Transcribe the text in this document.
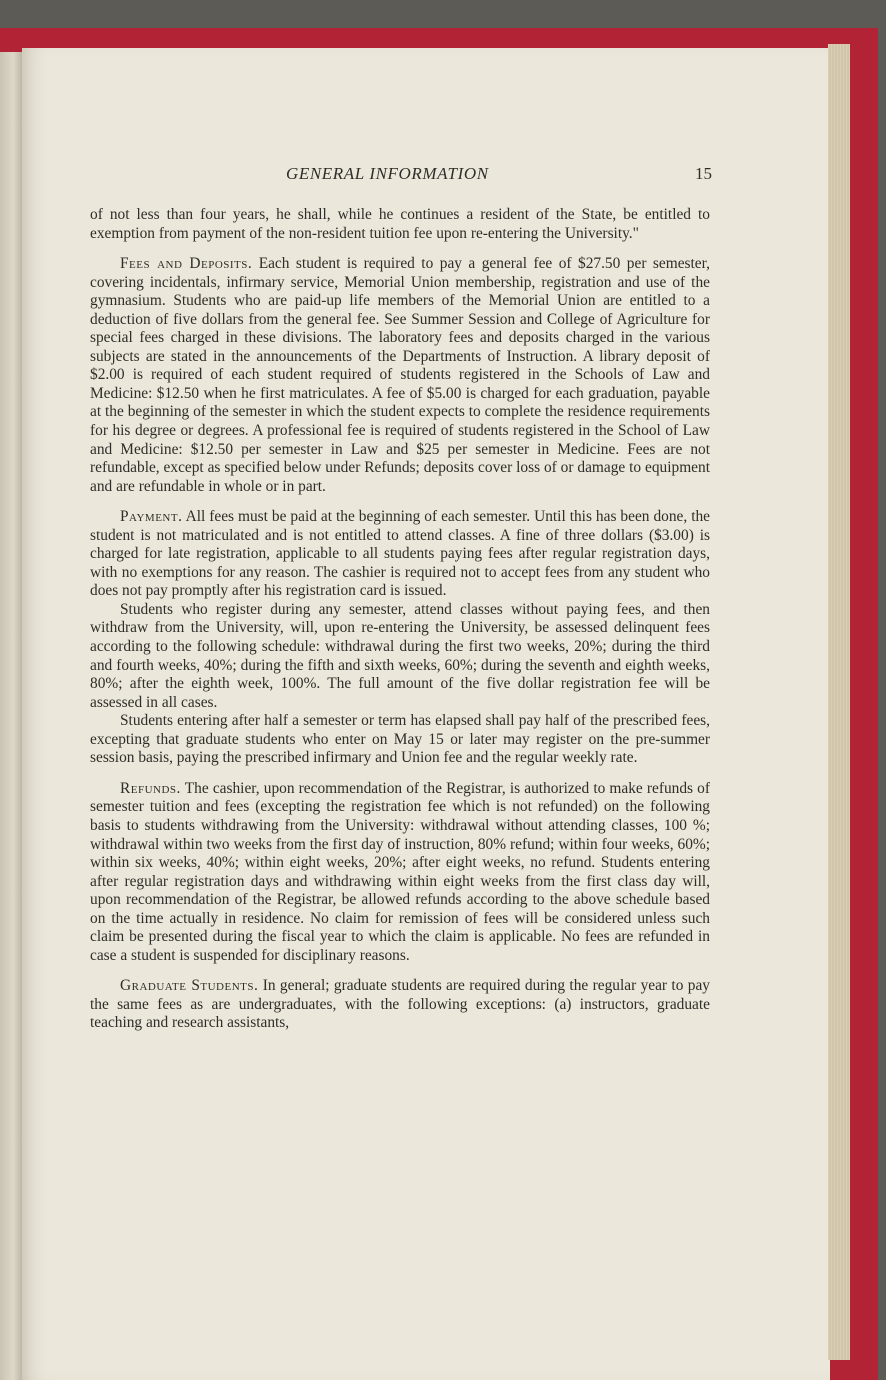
GENERAL INFORMATION	15

of not less than four years, he shall, while he continues a resident of the State, be entitled to exemption from payment of the non-resident tuition fee upon re-entering the University."

Fees and Deposits. Each student is required to pay a general fee of $27.50 per semester, covering incidentals, infirmary service, Memorial Union membership, registration and use of the gymnasium. Students who are paid-up life members of the Memorial Union are entitled to a deduction of five dollars from the general fee. See Summer Session and College of Agriculture for special fees charged in these divisions. The laboratory fees and deposits charged in the various subjects are stated in the announcements of the Departments of Instruction. A library deposit of $2.00 is required of each student required of students registered in the Schools of Law and Medicine: $12.50 when he first matriculates. A fee of $5.00 is charged for each graduation, payable at the beginning of the semester in which the student expects to complete the residence requirements for his degree or degrees. A professional fee is required of students registered in the School of Law and Medicine: $12.50 per semester in Law and $25 per semester in Medicine. Fees are not refundable, except as specified below under Refunds; deposits cover loss of or damage to equipment and are refundable in whole or in part.

Payment. All fees must be paid at the beginning of each semester. Until this has been done, the student is not matriculated and is not entitled to attend classes. A fine of three dollars ($3.00) is charged for late registration, applicable to all students paying fees after regular registration days, with no exemptions for any reason. The cashier is required not to accept fees from any student who does not pay promptly after his registration card is issued.

Students who register during any semester, attend classes without paying fees, and then withdraw from the University, will, upon re-entering the University, be assessed delinquent fees according to the following schedule: withdrawal during the first two weeks, 20%; during the third and fourth weeks, 40%; during the fifth and sixth weeks, 60%; during the seventh and eighth weeks, 80%; after the eighth week, 100%. The full amount of the five dollar registration fee will be assessed in all cases.

Students entering after half a semester or term has elapsed shall pay half of the prescribed fees, excepting that graduate students who enter on May 15 or later may register on the pre-summer session basis, paying the prescribed infirmary and Union fee and the regular weekly rate.

Refunds. The cashier, upon recommendation of the Registrar, is authorized to make refunds of semester tuition and fees (excepting the registration fee which is not refunded) on the following basis to students withdrawing from the University: withdrawal without attending classes, 100 %; withdrawal within two weeks from the first day of instruction, 80% refund; within four weeks, 60%; within six weeks, 40%; within eight weeks, 20%; after eight weeks, no refund. Students entering after regular registration days and withdrawing within eight weeks from the first class day will, upon recommendation of the Registrar, be allowed refunds according to the above schedule based on the time actually in residence. No claim for remission of fees will be considered unless such claim be presented during the fiscal year to which the claim is applicable. No fees are refunded in case a student is suspended for disciplinary reasons.

Graduate Students. In general; graduate students are required during the regular year to pay the same fees as are undergraduates, with the following exceptions: (a) instructors, graduate teaching and research assistants,
